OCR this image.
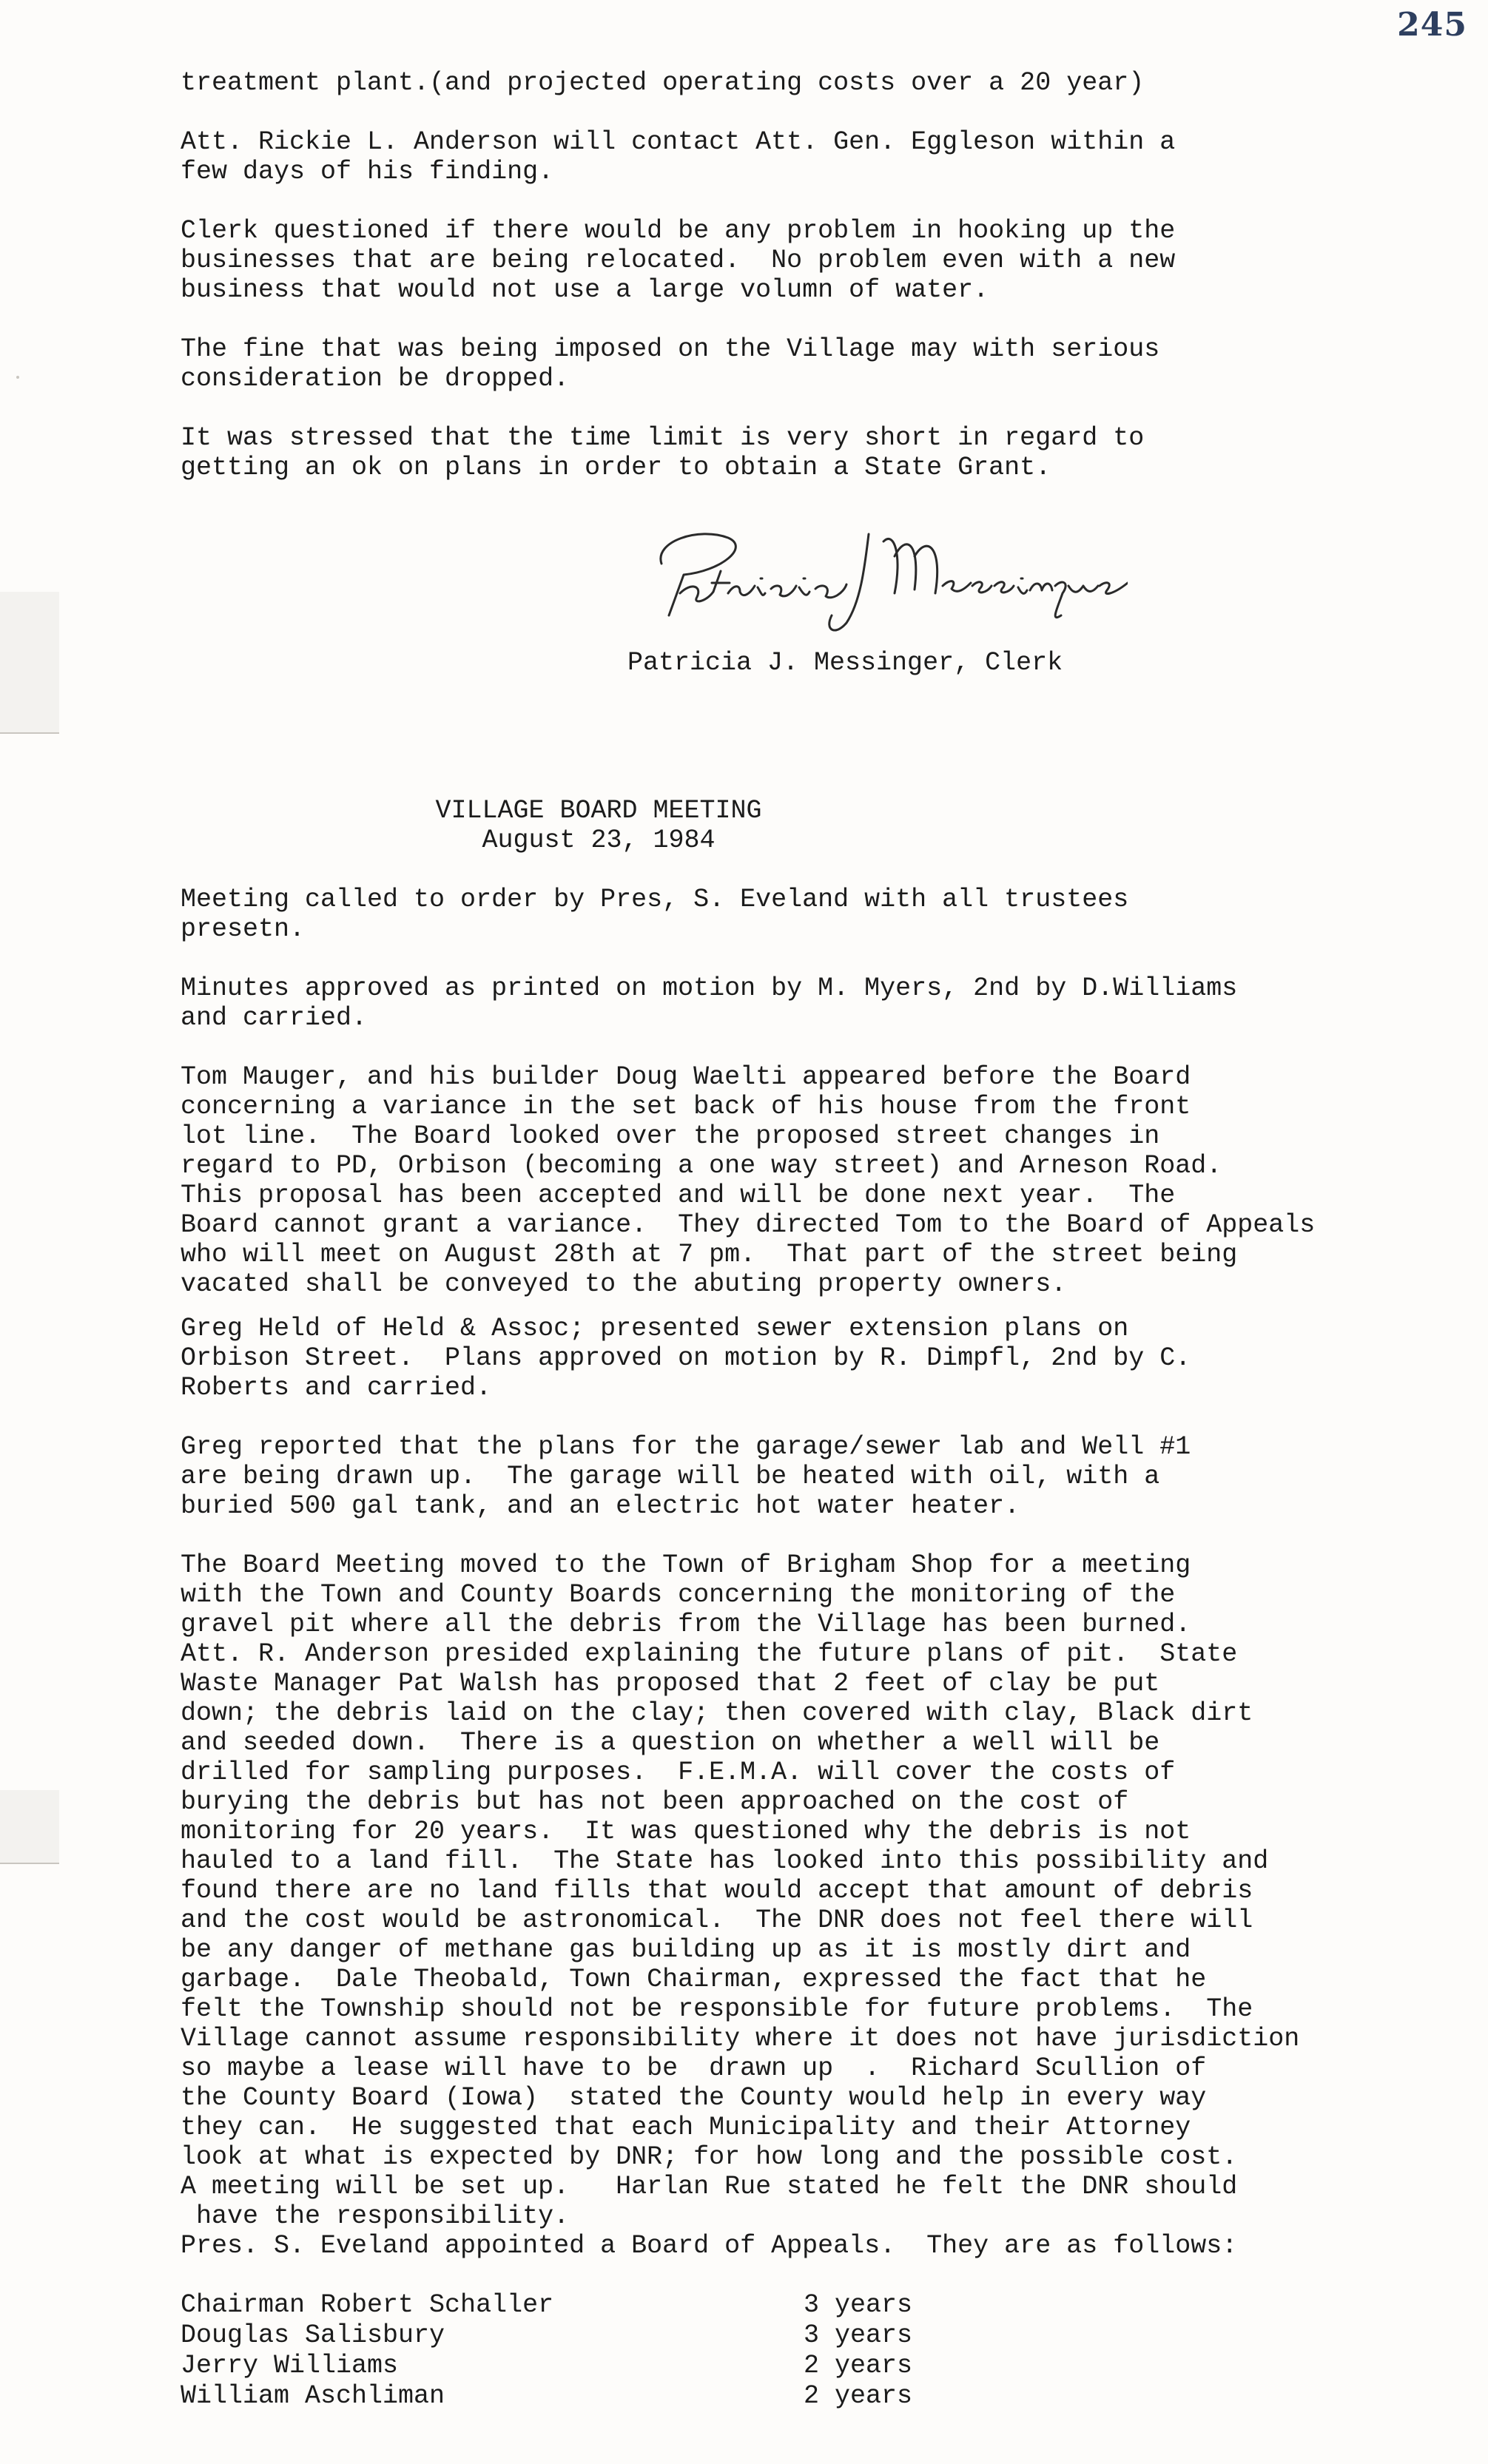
245

treatment plant.(and projected operating costs over a 20 year)

Att. Rickie L. Anderson will contact Att. Gen. Eggleson within a
few days of his finding.

Clerk questioned if there would be any problem in hooking up the
businesses that are being relocated.  No problem even with a new
business that would not use a large volumn of water.

The fine that was being imposed on the Village may with serious
consideration be dropped.

It was stressed that the time limit is very short in regard to
getting an ok on plans in order to obtain a State Grant.

Patricia J. Messinger, Clerk

VILLAGE BOARD MEETING

August 23, 1984

Meeting called to order by Pres, S. Eveland with all trustees
presetn.

Minutes approved as printed on motion by M. Myers, 2nd by D.Williams
and carried.

Tom Mauger, and his builder Doug Waelti appeared before the Board
concerning a variance in the set back of his house from the front
lot line.  The Board looked over the proposed street changes in
regard to PD, Orbison (becoming a one way street) and Arneson Road.
This proposal has been accepted and will be done next year.  The
Board cannot grant a variance.  They directed Tom to the Board of Appeals
who will meet on August 28th at 7 pm.  That part of the street being
vacated shall be conveyed to the abuting property owners.

Greg Held of Held & Assoc; presented sewer extension plans on
Orbison Street.  Plans approved on motion by R. Dimpfl, 2nd by C.
Roberts and carried.

Greg reported that the plans for the garage/sewer lab and Well #1
are being drawn up.  The garage will be heated with oil, with a
buried 500 gal tank, and an electric hot water heater.

The Board Meeting moved to the Town of Brigham Shop for a meeting
with the Town and County Boards concerning the monitoring of the
gravel pit where all the debris from the Village has been burned.
Att. R. Anderson presided explaining the future plans of pit.  State
Waste Manager Pat Walsh has proposed that 2 feet of clay be put
down; the debris laid on the clay; then covered with clay, Black dirt
and seeded down.  There is a question on whether a well will be
drilled for sampling purposes.  F.E.M.A. will cover the costs of
burying the debris but has not been approached on the cost of
monitoring for 20 years.  It was questioned why the debris is not
hauled to a land fill.  The State has looked into this possibility and
found there are no land fills that would accept that amount of debris
and the cost would be astronomical.  The DNR does not feel there will
be any danger of methane gas building up as it is mostly dirt and
garbage.  Dale Theobald, Town Chairman, expressed the fact that he
felt the Township should not be responsible for future problems.  The
Village cannot assume responsibility where it does not have jurisdiction
so maybe a lease will have to be  drawn up  .  Richard Scullion of
the County Board (Iowa)  stated the County would help in every way
they can.  He suggested that each Municipality and their Attorney
look at what is expected by DNR; for how long and the possible cost.
A meeting will be set up.   Harlan Rue stated he felt the DNR should
have the responsibility.

Pres. S. Eveland appointed a Board of Appeals.  They are as follows:

Chairman Robert Schaller	3 years
Douglas Salisbury	3 years
Jerry Williams	2 years
William Aschliman	2 years
